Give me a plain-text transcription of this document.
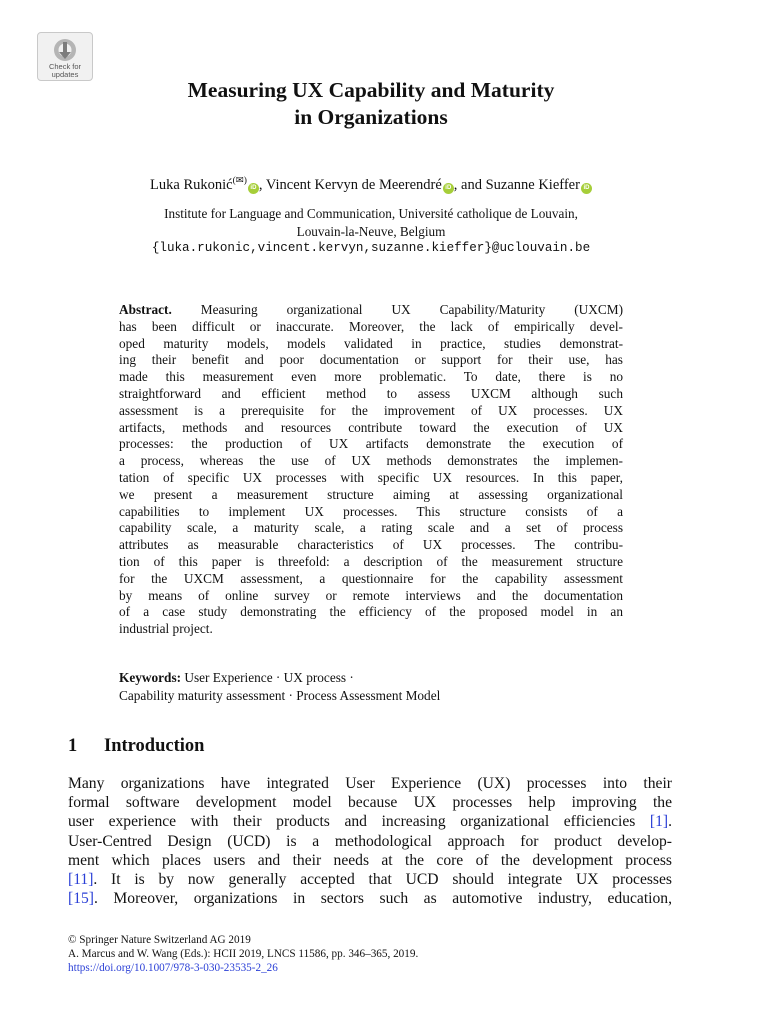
Check for
updates
Measuring UX Capability and Maturity
in Organizations
Luka Rukonić(✉)iD , Vincent Kervyn de Meerendré iD , and Suzanne Kieffer iD
Institute for Language and Communication, Université catholique de Louvain,
Louvain-la-Neuve, Belgium
{luka.rukonic,vincent.kervyn,suzanne.kieffer}@uclouvain.be
Abstract. Measuring organizational UX Capability/Maturity (UXCM)
has been difficult or inaccurate. Moreover, the lack of empirically devel-
oped maturity models, models validated in practice, studies demonstrat-
ing their benefit and poor documentation or support for their use, has
made this measurement even more problematic. To date, there is no
straightforward and efficient method to assess UXCM although such
assessment is a prerequisite for the improvement of UX processes. UX
artifacts, methods and resources contribute toward the execution of UX
processes: the production of UX artifacts demonstrate the execution of
a process, whereas the use of UX methods demonstrates the implemen-
tation of specific UX processes with specific UX resources. In this paper,
we present a measurement structure aiming at assessing organizational
capabilities to implement UX processes. This structure consists of a
capability scale, a maturity scale, a rating scale and a set of process
attributes as measurable characteristics of UX processes. The contribu-
tion of this paper is threefold: a description of the measurement structure
for the UXCM assessment, a questionnaire for the capability assessment
by means of online survey or remote interviews and the documentation
of a case study demonstrating the efficiency of the proposed model in an
industrial project.
Keywords: User Experience · UX process ·
Capability maturity assessment · Process Assessment Model
1 Introduction
Many organizations have integrated User Experience (UX) processes into their
formal software development model because UX processes help improving the
user experience with their products and increasing organizational efficiencies [1].
User-Centred Design (UCD) is a methodological approach for product develop-
ment which places users and their needs at the core of the development process
[11]. It is by now generally accepted that UCD should integrate UX processes
[15]. Moreover, organizations in sectors such as automotive industry, education,
© Springer Nature Switzerland AG 2019
A. Marcus and W. Wang (Eds.): HCII 2019, LNCS 11586, pp. 346–365, 2019.
https://doi.org/10.1007/978-3-030-23535-2_26
